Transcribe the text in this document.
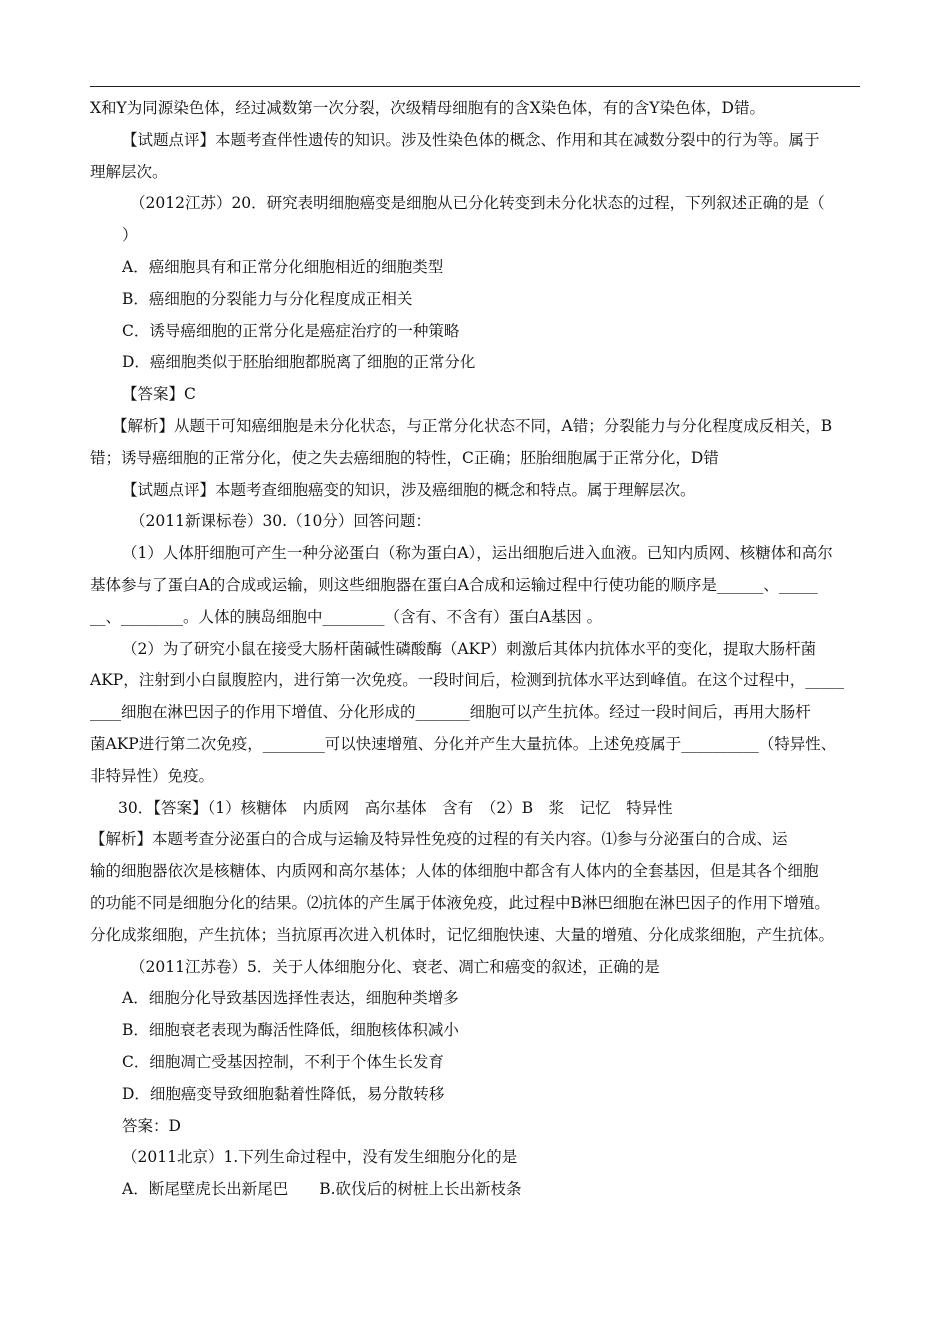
X和Y为同源染色体，经过减数第一次分裂，次级精母细胞有的含X染色体，有的含Y染色体，D错。
【试题点评】本题考查伴性遗传的知识。涉及性染色体的概念、作用和其在减数分裂中的行为等。属于
理解层次。
（2012江苏）20．研究表明细胞癌变是细胞从已分化转变到未分化状态的过程，下列叙述正确的是（
）
A．癌细胞具有和正常分化细胞相近的细胞类型
B．癌细胞的分裂能力与分化程度成正相关
C．诱导癌细胞的正常分化是癌症治疗的一种策略
D．癌细胞类似于胚胎细胞都脱离了细胞的正常分化
【答案】C
【解析】从题干可知癌细胞是未分化状态，与正常分化状态不同，A错；分裂能力与分化程度成反相关，B
错；诱导癌细胞的正常分化，使之失去癌细胞的特性，C正确；胚胎细胞属于正常分化，D错
【试题点评】本题考查细胞癌变的知识，涉及癌细胞的概念和特点。属于理解层次。
（2011新课标卷）30.（10分）回答问题：
（1）人体肝细胞可产生一种分泌蛋白（称为蛋白A），运出细胞后进入血液。已知内质网、核糖体和高尔
基体参与了蛋白A的合成或运输，则这些细胞器在蛋白A合成和运输过程中行使功能的顺序是______、_____
__、________。人体的胰岛细胞中________（含有、不含有）蛋白A基因 。
（2）为了研究小鼠在接受大肠杆菌碱性磷酸酶（AKP）刺激后其体内抗体水平的变化，提取大肠杆菌
AKP，注射到小白鼠腹腔内，进行第一次免疫。一段时间后，检测到抗体水平达到峰值。在这个过程中，_____
____细胞在淋巴因子的作用下增值、分化形成的_______细胞可以产生抗体。经过一段时间后，再用大肠杆
菌AKP进行第二次免疫，________可以快速增殖、分化并产生大量抗体。上述免疫属于__________（特异性、
非特异性）免疫。
30．【答案】（1）核糖体　内质网　高尔基体　含有　（2）B　浆　记忆　特异性
【解析】本题考查分泌蛋白的合成与运输及特异性免疫的过程的有关内容。⑴参与分泌蛋白的合成、运
输的细胞器依次是核糖体、内质网和高尔基体；人体的体细胞中都含有人体内的全套基因，但是其各个细胞
的功能不同是细胞分化的结果。⑵抗体的产生属于体液免疫，此过程中B淋巴细胞在淋巴因子的作用下增殖。
分化成浆细胞，产生抗体；当抗原再次进入机体时，记忆细胞快速、大量的增殖、分化成浆细胞，产生抗体。
（2011江苏卷）5．关于人体细胞分化、衰老、凋亡和癌变的叙述，正确的是
A．细胞分化导致基因选择性表达，细胞种类增多
B．细胞衰老表现为酶活性降低，细胞核体积减小
C．细胞凋亡受基因控制，不利于个体生长发育
D．细胞癌变导致细胞黏着性降低，易分散转移
答案：D
（2011北京）1.下列生命过程中，没有发生细胞分化的是
A．断尾壁虎长出新尾巴　　B.砍伐后的树桩上长出新枝条
